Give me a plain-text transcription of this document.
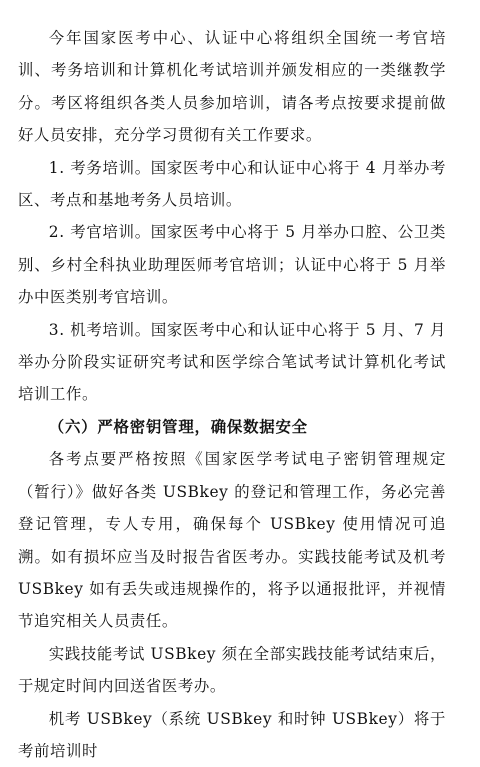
今年国家医考中心、认证中心将组织全国统一考官培训、考务培训和计算机化考试培训并颁发相应的一类继教学分。考区将组织各类人员参加培训，请各考点按要求提前做好人员安排，充分学习贯彻有关工作要求。

1. 考务培训。国家医考中心和认证中心将于 4 月举办考区、考点和基地考务人员培训。

2. 考官培训。国家医考中心将于 5 月举办口腔、公卫类别、乡村全科执业助理医师考官培训；认证中心将于 5 月举办中医类别考官培训。

3. 机考培训。国家医考中心和认证中心将于 5 月、7 月举办分阶段实证研究考试和医学综合笔试考试计算机化考试培训工作。

（六）严格密钥管理，确保数据安全

各考点要严格按照《国家医学考试电子密钥管理规定（暂行）》做好各类 USBkey 的登记和管理工作，务必完善登记管理，专人专用，确保每个 USBkey 使用情况可追溯。如有损坏应当及时报告省医考办。实践技能考试及机考 USBkey 如有丢失或违规操作的，将予以通报批评，并视情节追究相关人员责任。

实践技能考试 USBkey 须在全部实践技能考试结束后，于规定时间内回送省医考办。

机考 USBkey（系统 USBkey 和时钟 USBkey）将于考前培训时
